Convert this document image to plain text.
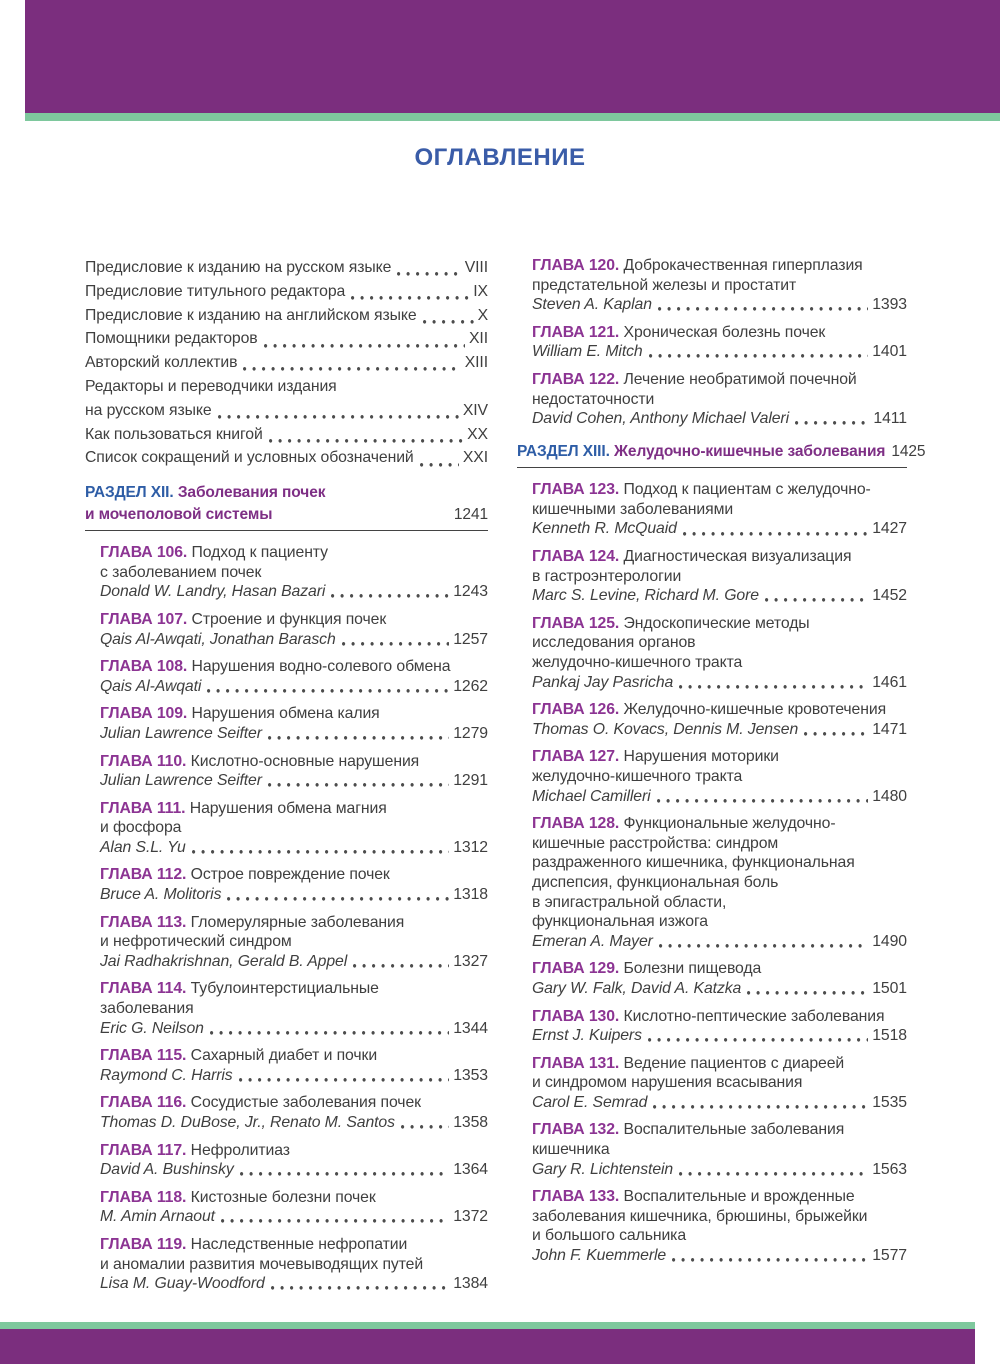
ОГЛАВЛЕНИЕ
Предисловие к изданию на русском языке	VIII
Предисловие титульного редактора	IX
Предисловие к изданию на английском языке	X
Помощники редакторов	XII
Авторский коллектив	XIII
Редакторы и переводчики издания
на русском языке	XIV
Как пользоваться книгой	XX
Список сокращений и условных обозначений	XXI
РАЗДЕЛ XII. Заболевания почек
и мочеполовой системы	1241
ГЛАВА 106. Подход к пациенту
с заболеванием почек
Donald W. Landry, Hasan Bazari	1243
ГЛАВА 107. Строение и функция почек
Qais Al-Awqati, Jonathan Barasch	1257
ГЛАВА 108. Нарушения водно-солевого обмена
Qais Al-Awqati	1262
ГЛАВА 109. Нарушения обмена калия
Julian Lawrence Seifter	1279
ГЛАВА 110. Кислотно-основные нарушения
Julian Lawrence Seifter	1291
ГЛАВА 111. Нарушения обмена магния
и фосфора
Alan S.L. Yu	1312
ГЛАВА 112. Острое повреждение почек
Bruce A. Molitoris	1318
ГЛАВА 113. Гломерулярные заболевания
и нефротический синдром
Jai Radhakrishnan, Gerald B. Appel	1327
ГЛАВА 114. Тубулоинтерстициальные
заболевания
Eric G. Neilson	1344
ГЛАВА 115. Сахарный диабет и почки
Raymond C. Harris	1353
ГЛАВА 116. Сосудистые заболевания почек
Thomas D. DuBose, Jr., Renato M. Santos	1358
ГЛАВА 117. Нефролитиаз
David A. Bushinsky	1364
ГЛАВА 118. Кистозные болезни почек
M. Amin Arnaout	1372
ГЛАВА 119. Наследственные нефропатии
и аномалии развития мочевыводящих путей
Lisa M. Guay-Woodford	1384
ГЛАВА 120. Доброкачественная гиперплазия
предстательной железы и простатит
Steven A. Kaplan	1393
ГЛАВА 121. Хроническая болезнь почек
William E. Mitch	1401
ГЛАВА 122. Лечение необратимой почечной
недостаточности
David Cohen, Anthony Michael Valeri	1411
РАЗДЕЛ XIII. Желудочно-кишечные заболевания 1425
ГЛАВА 123. Подход к пациентам с желудочно-
кишечными заболеваниями
Kenneth R. McQuaid	1427
ГЛАВА 124. Диагностическая визуализация
в гастроэнтерологии
Marc S. Levine, Richard M. Gore	1452
ГЛАВА 125. Эндоскопические методы
исследования органов
желудочно-кишечного тракта
Pankaj Jay Pasricha	1461
ГЛАВА 126. Желудочно-кишечные кровотечения
Thomas O. Kovacs, Dennis M. Jensen	1471
ГЛАВА 127. Нарушения моторики
желудочно-кишечного тракта
Michael Camilleri	1480
ГЛАВА 128. Функциональные желудочно-
кишечные расстройства: синдром
раздраженного кишечника, функциональная
диспепсия, функциональная боль
в эпигастральной области,
функциональная изжога
Emeran A. Mayer	1490
ГЛАВА 129. Болезни пищевода
Gary W. Falk, David A. Katzka	1501
ГЛАВА 130. Кислотно-пептические заболевания
Ernst J. Kuipers	1518
ГЛАВА 131. Ведение пациентов с диареей
и синдромом нарушения всасывания
Carol E. Semrad	1535
ГЛАВА 132. Воспалительные заболевания
кишечника
Gary R. Lichtenstein	1563
ГЛАВА 133. Воспалительные и врожденные
заболевания кишечника, брюшины, брыжейки
и большого сальника
John F. Kuemmerle	1577
